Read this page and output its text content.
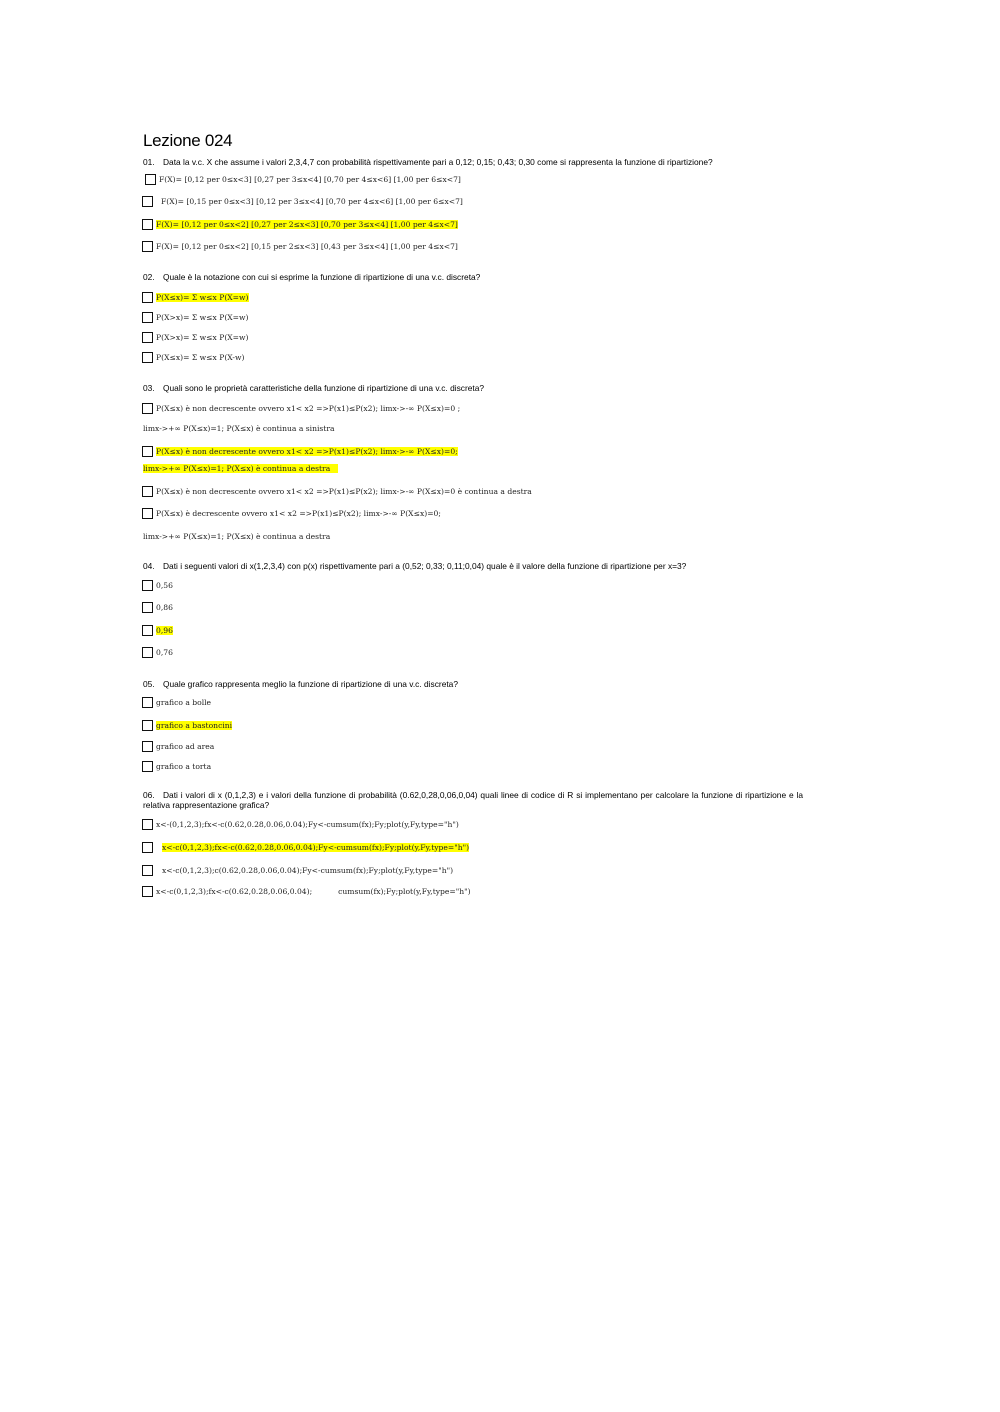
Lezione 024
01. Data la v.c. X che assume i valori 2,3,4,7 con probabilità rispettivamente pari a 0,12; 0,15; 0,43; 0,30 come si rappresenta la funzione di ripartizione?
F(X)= [0,12 per 0≤x<3] [0,27 per 3≤x<4] [0,70 per 4≤x<6] [1,00 per 6≤x<7]
F(X)= [0,15 per 0≤x<3] [0,12 per 3≤x<4] [0,70 per 4≤x<6] [1,00 per 6≤x<7]
F(X)= [0,12 per 0≤x<2] [0,27 per 2≤x<3] [0,70 per 3≤x<4] [1,00 per 4≤x<7]
F(X)= [0,12 per 0≤x<2] [0,15 per 2≤x<3] [0,43 per 3≤x<4] [1,00 per 4≤x<7]
02. Quale è la notazione con cui si esprime la funzione di ripartizione di una v.c. discreta?
P(X≤x)= Σ w≤x P(X=w)
P(X>x)= Σ w≤x P(X=w)
P(X>x)= Σ w≤x P(X=w)
P(X≤x)= Σ w≤x P(X-w)
03. Quali sono le proprietà caratteristiche della funzione di ripartizione di una v.c. discreta?
P(X≤x) è non decrescente ovvero x1< x2 =>P(x1)≤P(x2); limx->-∞ P(X≤x)=0 ;
limx->+∞ P(X≤x)=1; P(X≤x) è continua a sinistra
P(X≤x) è non decrescente ovvero x1< x2 =>P(x1)≤P(x2); limx->-∞ P(X≤x)=0;
limx->+∞ P(X≤x)=1; P(X≤x) è continua a destra
P(X≤x) è non decrescente ovvero x1< x2 =>P(x1)≤P(x2); limx->-∞ P(X≤x)=0 è continua a destra
P(X≤x) è decrescente ovvero x1< x2 =>P(x1)≤P(x2); limx->-∞ P(X≤x)=0;
limx->+∞ P(X≤x)=1; P(X≤x) è continua a destra
04. Dati i seguenti valori di x(1,2,3,4) con p(x) rispettivamente pari a (0,52; 0,33; 0,11;0,04) quale è il valore della funzione di ripartizione per x=3?
0,56
0,86
0,96
0,76
05. Quale grafico rappresenta meglio la funzione di ripartizione di una v.c. discreta?
grafico a bolle
grafico a bastoncini
grafico ad area
grafico a torta
06. Dati i valori di x (0,1,2,3) e i valori della funzione di probabilità (0.62,0,28,0,06,0,04) quali linee di codice di R si implementano per calcolare la funzione di ripartizione e la relativa rappresentazione grafica?
x<-(0,1,2,3);fx<-c(0.62,0.28,0.06,0.04);Fy<-cumsum(fx);Fy;plot(y,Fy,type="h")
x<-c(0,1,2,3);fx<-c(0.62,0.28,0.06,0.04);Fy<-cumsum(fx);Fy;plot(y,Fy,type="h")
x<-c(0,1,2,3);c(0.62,0.28,0.06,0.04);Fy<-cumsum(fx);Fy;plot(y,Fy,type="h")
x<-c(0,1,2,3);fx<-c(0.62,0.28,0.06,0.04);	cumsum(fx);Fy;plot(y,Fy,type="h")
